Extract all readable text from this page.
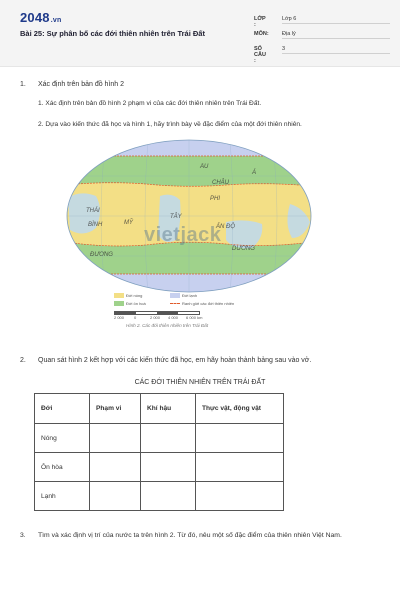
2048.vn
Bài 25: Sự phân bố các đới thiên nhiên trên Trái Đất
LỚP :
Lớp 6
MÔN: Địa lý
SỐ CÂU :
3
1. Xác định trên bản đồ hình 2
1. Xác định trên bản đồ hình 2 phạm vi của các đới thiên nhiên trên Trái Đất.
2. Dựa vào kiến thức đã học và hình 1, hãy trình bày về đặc điểm của một đới thiên nhiên.
Á
ÂU
CHÂU
PHI
THÁI
BÌNH	MỸ
TÂY
ẤN ĐỘ
ĐƯƠNG
DƯƠNG
vietjack
Đới nóng	Đới lạnh
Đới ôn hoà	Ranh giới các đới thiên nhiên
2 000 0	2 000 4 000 6 000 km
Hình 2. Các đới thiên nhiên trên Trái Đất
2. Quan sát hình 2 kết hợp với các kiến thức đã học, em hãy hoàn thành bảng sau vào vở.
CÁC ĐỚI THIÊN NHIÊN TRÊN TRÁI ĐẤT
Đới	Phạm vi	Khí hậu	Thực vật, động vật
Nóng			
Ôn hòa			
Lạnh			
3. Tìm và xác định vị trí của nước ta trên hình 2. Từ đó, nêu một số đặc điểm của thiên nhiên Việt Nam.
